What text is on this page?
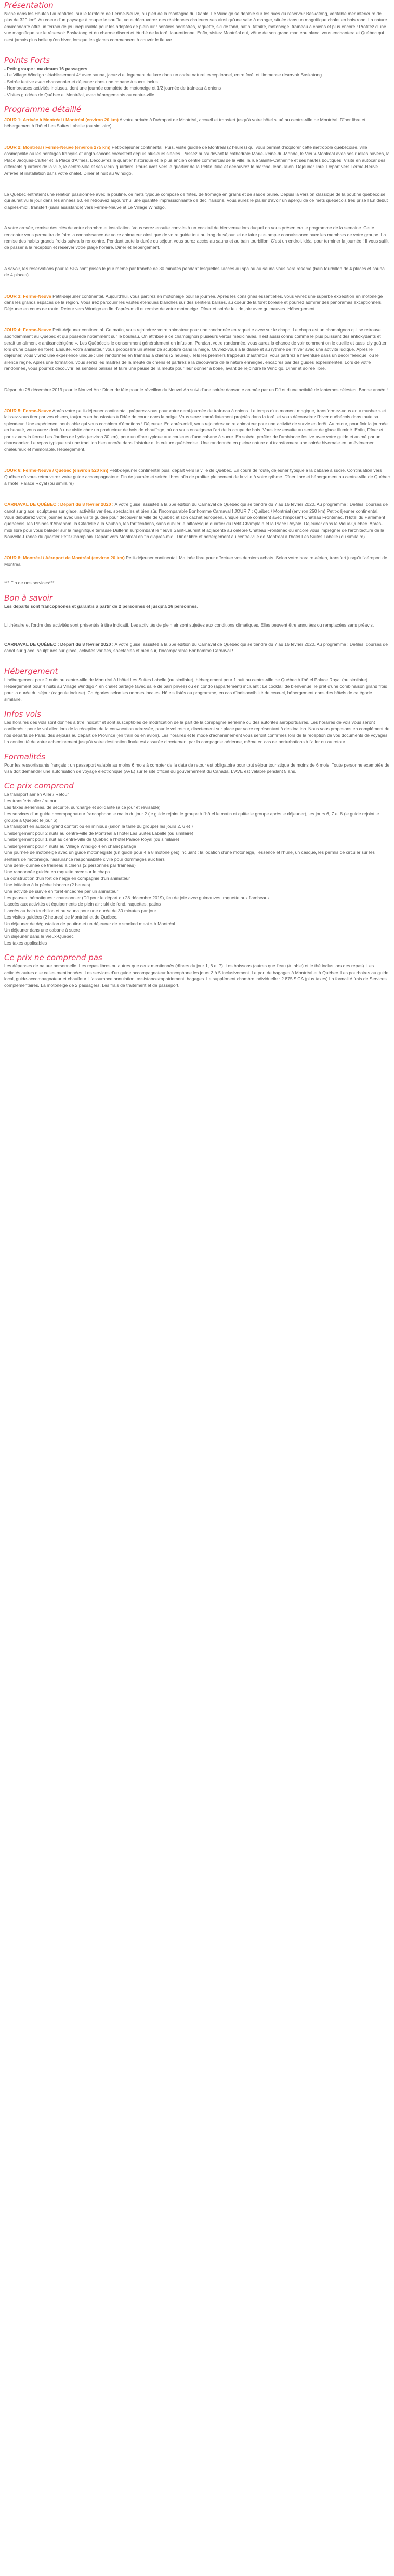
Présentation

Niché dans les Hautes Laurentides, sur le territoire de Ferme-Neuve, au pied de la montagne du Diable, Le Windigo se déploie sur les rives du réservoir Baskatong, véritable mer intérieure de plus de 320 km². Au coeur d'un paysage à couper le souffle, vous découvrirez des résidences chaleureuses ainsi qu'une salle à manger, située dans un magnifique chalet en bois rond. La nature environnante offre un terrain de jeu inépuisable pour les adeptes de plein air : sentiers pédestres, raquette, ski de fond, patin, fatbike, motoneige, traîneau à chiens et plus encore ! Profitez d'une vue magnifique sur le réservoir Baskatong et du charme discret et étudié de la forêt laurentienne. Enfin, visitez Montréal qui, vêtue de son grand manteau blanc, vous enchantera et Québec qui n'est jamais plus belle qu'en hiver, lorsque les glaces commencent à couvrir le fleuve.

Points Forts

- Petit groupe : maximum 16 passagers

- Le Village Windigo : établissement 4* avec sauna, jacuzzi et logement de luxe dans un cadre naturel exceptionnel, entre forêt et l'immense réservoir Baskatong

- Soirée festive avec chansonnier et déjeuner dans une cabane à sucre inclus

- Nombreuses activités incluses, dont une journée complète de motoneige et 1/2 journée de traîneau à chiens

- Visites guidées de Québec et Montréal, avec hébergements au centre-ville

Programme détaillé

JOUR 1: Arrivée à Montréal / Montréal (environ 20 km) A votre arrivée à l'aéroport de Montréal, accueil et transfert jusqu'à votre hôtel situé au centre-ville de Montréal. Dîner libre et hébergement à l'hôtel Les Suites Labelle (ou similaire)

JOUR 2: Montréal / Ferme-Neuve (environ 275 km) Petit-déjeuner continental. Puis, visite guidée de Montréal (2 heures) qui vous permet d'explorer cette métropole québécoise, ville cosmopolite où les héritages français et anglo-saxons coexistent depuis plusieurs siècles. Passez aussi devant la cathédrale Marie-Reine-du-Monde, le Vieux-Montréal avec ses ruelles pavées, la Place Jacques-Cartier et la Place d'Armes. Découvrez le quartier historique et le plus ancien centre commercial de la ville, la rue Sainte-Catherine et ses hautes boutiques. Visite en autocar des différents quartiers de la ville, le centre-ville et ses vieux quartiers. Poursuivez vers le quartier de la Petite Italie et découvrez le marché Jean-Talon. Déjeuner libre. Départ vers Ferme-Neuve. Arrivée et installation dans votre chalet. Dîner et nuit au Windigo.

Le Québec entretient une relation passionnée avec la poutine, ce mets typique composé de frites, de fromage en grains et de sauce brune. Depuis la version classique de la poutine québécoise qui aurait vu le jour dans les années 60, en retrouvez aujourd'hui une quantité impressionnante de déclinaisons. Vous aurez le plaisir d'avoir un aperçu de ce mets québécois très prisé ! En début d'après-midi, transfert (sans assistance) vers Ferme-Neuve et Le Village Windigo.

A votre arrivée, remise des clés de votre chambre et installation. Vous serez ensuite conviés à un cocktail de bienvenue lors duquel on vous présentera le programme de la semaine. Cette rencontre vous permettra de faire la connaissance de votre animateur ainsi que de votre guide tout au long du séjour, et de faire plus ample connaissance avec les membres de votre groupe. La remise des habits grands froids suivra la rencontre. Pendant toute la durée du séjour, vous aurez accès au sauna et au bain tourbillon. C'est un endroit idéal pour terminer la journée ! Il vous suffit de passer à la réception et réserver votre plage horaire. Dîner et hébergement.

A savoir, les réservations pour le SPA sont prises le jour même par tranche de 30 minutes pendant lesquelles l'accès au spa ou au sauna vous sera réservé (bain tourbillon de 4 places et sauna de 4 places).

JOUR 3: Ferme-Neuve Petit-déjeuner continental. Aujourd'hui, vous partirez en motoneige pour la journée. Après les consignes essentielles, vous vivrez une superbe expédition en motoneige dans les grands espaces de la région. Vous irez parcourir les vastes étendues blanches sur des sentiers balisés, au coeur de la forêt boréale et pourrez admirer des panoramas exceptionnels. Déjeuner en cours de route. Retour vers Windigo en fin d'après-midi et remise de votre motoneige. Dîner et soirée feu de joie avec guimauves. Hébergement.

JOUR 4: Ferme-Neuve Petit-déjeuner continental. Ce matin, vous rejoindrez votre animateur pour une randonnée en raquette avec sur le chapo. Le chapo est un champignon qui se retrouve abondamment au Québec et qui possède notamment sur le bouleau. On attribue à ce champignon plusieurs vertus médicinales. Il est aussi connu comme le plus puissant des antioxydants et serait un aliment « anticancérigène ». Les Québécois le consomment généralement en infusion. Pendant votre randonnée, vous aurez la chance de voir comment on le cueille et aussi d'y goûter lors d'une pause en forêt. Ensuite, votre animateur vous proposera un atelier de sculpture dans la neige. Ouvrez-vous à la danse et au rythme de l'hiver avec une activité ludique. Après le déjeuner, vous vivrez une expérience unique : une randonnée en traîneau à chiens (2 heures). Tels les premiers trappeurs d'autrefois, vous partirez à l'aventure dans un décor féerique, où le silence règne. Après une formation, vous serez les maîtres de la meute de chiens et partirez à la découverte de la nature enneigée, encadrés par des guides expérimentés. Lors de votre randonnée, vous pourrez découvrir les sentiers balisés et faire une pause de la meute pour leur donner à boire, avant de rejoindre le Windigo. Dîner et soirée libre.

Départ du 28 décembre 2019 pour le Nouvel An : Dîner de fête pour le réveillon du Nouvel An suivi d'une soirée dansante animée par un DJ et d'une activité de lanternes célestes. Bonne année !

JOUR 5: Ferme-Neuve Après votre petit-déjeuner continental, préparez-vous pour votre demi-journée de traîneau à chiens. Le temps d'un moment magique, transformez-vous en « musher » et laissez-vous tirer par vos chiens, toujours enthousiastes à l'idée de courir dans la neige. Vous serez immédiatement projetés dans la forêt et vous découvrirez l'hiver québécois dans toute sa splendeur. Une expérience inoubliable qui vous comblera d'émotions ! Déjeuner. En après-midi, vous rejoindrez votre animateur pour une activité de survie en forêt. Au retour, pour finir la journée en beauté, vous aurez droit à une visite chez un producteur de bois de chauffage, où on vous enseignera l'art de la coupe de bois. Vous irez ensuite au sentier de glace illuminé. Enfin, Dîner et partez vers la ferme Les Jardins de Lydia (environ 30 km), pour un dîner typique aux couleurs d'une cabane à sucre. En soirée, profitez de l'ambiance festive avec votre guide et animé par un chansonnier. Le repas typique est une tradition bien ancrée dans l'histoire et la culture québécoise. Une randonnée en pleine nature qui transformera une soirée hivernale en un événement chaleureux et mémorable. Hébergement.

JOUR 6: Ferme-Neuve / Québec (environ 520 km) Petit-déjeuner continental puis, départ vers la ville de Québec. En cours de route, déjeuner typique à la cabane à sucre. Continuation vers Québec où vous retrouverez votre guide accompagnateur. Fin de journée et soirée libres afin de profiter pleinement de la ville à votre rythme. Dîner libre et hébergement au centre-ville de Québec à l'hôtel Palace Royal (ou similaire)

CARNAVAL DE QUÉBEC : Départ du 8 février 2020 : A votre guise, assistez à la 66e édition du Carnaval de Québec qui se tiendra du 7 au 16 février 2020. Au programme : Défilés, courses de canot sur glace, sculptures sur glace, activités variées, spectacles et bien sûr, l'incomparable Bonhomme Carnaval ! JOUR 7 : Québec / Montréal (environ 250 km) Petit-déjeuner continental. Vous débuterez votre journée avec une visite guidée pour découvrir la ville de Québec et son cachet européen, unique sur ce continent avec l'imposant Château Frontenac, l'Hôtel du Parlement québécois, les Plaines d'Abraham, la Citadelle à la Vauban, les fortifications, sans oublier le pittoresque quartier du Petit-Champlain et la Place Royale. Déjeuner dans le Vieux-Québec. Après-midi libre pour vous balader sur la magnifique terrasse Dufferin surplombant le fleuve Saint-Laurent et adjacente au célèbre Château Frontenac ou encore vous imprégner de l'architecture de la Nouvelle-France du quartier Petit-Champlain. Départ vers Montréal en fin d'après-midi. Dîner libre et hébergement au centre-ville de Montréal à l'hôtel Les Suites Labelle (ou similaire)

JOUR 8: Montréal / Aéroport de Montréal (environ 20 km) Petit-déjeuner continental. Matinée libre pour effectuer vos derniers achats. Selon votre horaire aérien, transfert jusqu'à l'aéroport de Montréal.

*** Fin de nos services***

Bon à savoir

Les départs sont francophones et garantis à partir de 2 personnes et jusqu'à 16 personnes.

L'itinéraire et l'ordre des activités sont présentés à titre indicatif. Les activités de plein air sont sujettes aux conditions climatiques. Elles peuvent être annulées ou remplacées sans préavis.

CARNAVAL DE QUÉBEC : Départ du 8 février 2020 : A votre guise, assistez à la 66e édition du Carnaval de Québec qui se tiendra du 7 au 16 février 2020. Au programme : Défilés, courses de canot sur glace, sculptures sur glace, activités variées, spectacles et bien sûr, l'incomparable Bonhomme Carnaval !

Hébergement

L'hébergement pour 2 nuits au centre-ville de Montréal à l'hôtel Les Suites Labelle (ou similaire), hébergement pour 1 nuit au centre-ville de Québec à l'hôtel Palace Royal (ou similaire). Hébergement pour 4 nuits au Village Windigo 4 en chalet partagé (avec salle de bain privée) ou en condo (appartement) incluant : Le cocktail de bienvenue, le prêt d'une combinaison grand froid pour la durée du séjour (cagoule incluse). Catégories selon les normes locales. Hôtels listés ou programme, en cas d'indisponibilité de ceux-ci, hébergement dans des hôtels de catégorie similaire.

Infos vols

Les horaires des vols sont donnés à titre indicatif et sont susceptibles de modification de la part de la compagnie aérienne ou des autorités aéroportuaires. Les horaires de vols vous seront confirmés : pour le vol aller, lors de la réception de la convocation adressée, pour le vol retour, directement sur place par votre représentant à destination. Nous vous proposons en complément de nos départs de Paris, des séjours au départ de Province (en train ou en avion). Les horaires et le mode d'acheminement vous seront confirmés lors de la réception de vos documents de voyages. La continuité de votre acheminement jusqu'à votre destination finale est assurée directement par la compagnie aérienne, même en cas de perturbations à l'aller ou au retour.

Formalités

Pour les ressortissants français : un passeport valable au moins 6 mois à compter de la date de retour est obligatoire pour tout séjour touristique de moins de 6 mois. Toute personne exemptée de visa doit demander une autorisation de voyage électronique (AVE) sur le site officiel du gouvernement du Canada. L'AVE est valable pendant 5 ans.

Ce prix comprend

Le transport aérien Aller / Retour

Les transferts aller / retour

Les taxes aériennes, de sécurité, surcharge et solidarité (à ce jour et révisable)

Les services d'un guide accompagnateur francophone le matin du jour 2 (le guide rejoint le groupe à l'hôtel le matin et quitte le groupe après le déjeuner), les jours 6, 7 et 8 (le guide rejoint le groupe à Québec le jour 6)

Le transport en autocar grand confort ou en minibus (selon la taille du groupe) les jours 2, 6 et 7

L'hébergement pour 2 nuits au centre-ville de Montréal à l'hôtel Les Suites Labelle (ou similaire)

L'hébergement pour 1 nuit au centre-ville de Québec à l'hôtel Palace Royal (ou similaire)

L'hébergement pour 4 nuits au Village Windigo 4 en chalet partagé

Une journée de motoneige avec un guide motoneigiste (un guide pour 4 à 8 motoneiges) incluant : la location d'une motoneige, l'essence et l'huile, un casque, les permis de circuler sur les sentiers de motoneige, l'assurance responsabilité civile pour dommages aux tiers

Une demi-journée de traîneau à chiens (2 personnes par traîneau)

Une randonnée guidée en raquette avec sur le chapo

La construction d'un fort de neige en compagnie d'un animateur

Une initiation à la pêche blanche (2 heures)

Une activité de survie en forêt encadrée par un animateur

Les pauses thématiques : chansonnier (DJ pour le départ du 28 décembre 2019), feu de joie avec guimauves, raquette aux flambeaux

L'accès aux activités et équipements de plein air : ski de fond, raquettes, patins

L'accès au bain tourbillon et au sauna pour une durée de 30 minutes par jour

Les visites guidées (2 heures) de Montréal et de Québec,

Un déjeuner de dégustation de poutine et un déjeuner de « smoked meat » à Montréal

Un déjeuner dans une cabane à sucre

Un déjeuner dans le Vieux-Québec

Les taxes applicables

Ce prix ne comprend pas

Les dépenses de nature personnelle. Les repas libres ou autres que ceux mentionnés (dîners du jour 1, 6 et 7). Les boissons (autres que l'eau (à table) et le thé inclus lors des repas). Les activités autres que celles mentionnées. Les services d'un guide accompagnateur francophone les jours 3 à 5 inclusivement. Le port de bagages à Montréal et à Québec. Les pourboires au guide local, guide-accompagnateur et chauffeur. L'assurance annulation, assistance/rapatriement, bagages. Le supplément chambre individuelle : 2 875 $ CA (plus taxes) La formalité frais de Services complémentaires. La motoneige de 2 passagers. Les frais de traitement et de passeport.
